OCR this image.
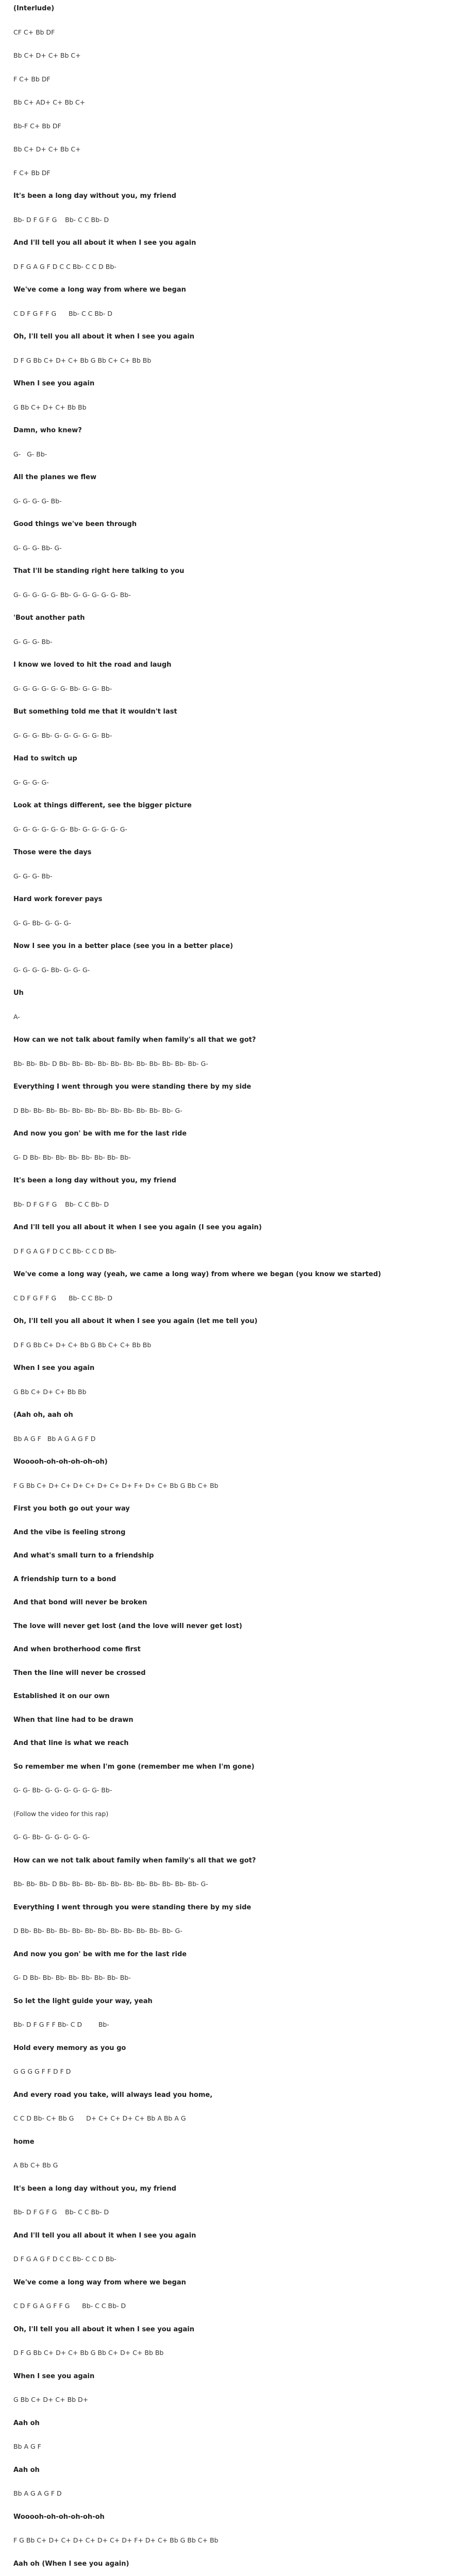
(Interlude)
CF C+ Bb DF
Bb C+ D+ C+ Bb C+
F C+ Bb DF
Bb C+ AD+ C+ Bb C+
Bb-F C+ Bb DF
Bb C+ D+ C+ Bb C+
F C+ Bb DF
It's been a long day without you, my friend
Bb- D F G F G    Bb- C C Bb- D
And I'll tell you all about it when I see you again
D F G A G F D C C Bb- C C D Bb-
We've come a long way from where we began
C D F G F F G      Bb- C C Bb- D
Oh, I'll tell you all about it when I see you again
D F G Bb C+ D+ C+ Bb G Bb C+ C+ Bb Bb
When I see you again
G Bb C+ D+ C+ Bb Bb
Damn, who knew?
G-   G- Bb-
All the planes we flew
G- G- G- G- Bb-
Good things we've been through
G- G- G- Bb- G-
That I'll be standing right here talking to you
G- G- G- G- G- Bb- G- G- G- G- G- Bb-
'Bout another path
G- G- G- Bb-
I know we loved to hit the road and laugh
G- G- G- G- G- G- Bb- G- G- Bb-
But something told me that it wouldn't last
G- G- G- Bb- G- G- G- G- G- Bb-
Had to switch up
G- G- G- G-
Look at things different, see the bigger picture
G- G- G- G- G- G- Bb- G- G- G- G- G-
Those were the days
G- G- G- Bb-
Hard work forever pays
G- G- Bb- G- G- G-
Now I see you in a better place (see you in a better place)
G- G- G- G- Bb- G- G- G-
Uh
A-
How can we not talk about family when family's all that we got?
Bb- Bb- Bb- D Bb- Bb- Bb- Bb- Bb- Bb- Bb- Bb- Bb- Bb- Bb- G-
Everything I went through you were standing there by my side
D Bb- Bb- Bb- Bb- Bb- Bb- Bb- Bb- Bb- Bb- Bb- Bb- G-
And now you gon' be with me for the last ride
G- D Bb- Bb- Bb- Bb- Bb- Bb- Bb- Bb-
It's been a long day without you, my friend
Bb- D F G F G    Bb- C C Bb- D
And I'll tell you all about it when I see you again (I see you again)
D F G A G F D C C Bb- C C D Bb-
We've come a long way (yeah, we came a long way) from where we began (you know we started)
C D F G F F G      Bb- C C Bb- D
Oh, I'll tell you all about it when I see you again (let me tell you)
D F G Bb C+ D+ C+ Bb G Bb C+ C+ Bb Bb
When I see you again
G Bb C+ D+ C+ Bb Bb
(Aah oh, aah oh
Bb A G F   Bb A G A G F D
Wooooh-oh-oh-oh-oh-oh)
F G Bb C+ D+ C+ D+ C+ D+ C+ D+ F+ D+ C+ Bb G Bb C+ Bb
First you both go out your way
And the vibe is feeling strong
And what's small turn to a friendship
A friendship turn to a bond
And that bond will never be broken
The love will never get lost (and the love will never get lost)
And when brotherhood come first
Then the line will never be crossed
Established it on our own
When that line had to be drawn
And that line is what we reach
So remember me when I'm gone (remember me when I'm gone)
G- G- Bb- G- G- G- G- G- G- Bb-
(Follow the video for this rap)
G- G- Bb- G- G- G- G- G-
How can we not talk about family when family's all that we got?
Bb- Bb- Bb- D Bb- Bb- Bb- Bb- Bb- Bb- Bb- Bb- Bb- Bb- Bb- G-
Everything I went through you were standing there by my side
D Bb- Bb- Bb- Bb- Bb- Bb- Bb- Bb- Bb- Bb- Bb- Bb- G-
And now you gon' be with me for the last ride
G- D Bb- Bb- Bb- Bb- Bb- Bb- Bb- Bb-
So let the light guide your way, yeah
Bb- D F G F F Bb- C D        Bb-
Hold every memory as you go
G G G G F F D F D
And every road you take, will always lead you home,
C C D Bb- C+ Bb G      D+ C+ C+ D+ C+ Bb A Bb A G
home
A Bb C+ Bb G
It's been a long day without you, my friend
Bb- D F G F G    Bb- C C Bb- D
And I'll tell you all about it when I see you again
D F G A G F D C C Bb- C C D Bb-
We've come a long way from where we began
C D F G A G F F G      Bb- C C Bb- D
Oh, I'll tell you all about it when I see you again
D F G Bb C+ D+ C+ Bb G Bb C+ D+ C+ Bb Bb
When I see you again
G Bb C+ D+ C+ Bb D+
Aah oh
Bb A G F
Aah oh
Bb A G A G F D
Wooooh-oh-oh-oh-oh-oh
F G Bb C+ D+ C+ D+ C+ D+ C+ D+ F+ D+ C+ Bb G Bb C+ Bb
Aah oh (When I see you again)
